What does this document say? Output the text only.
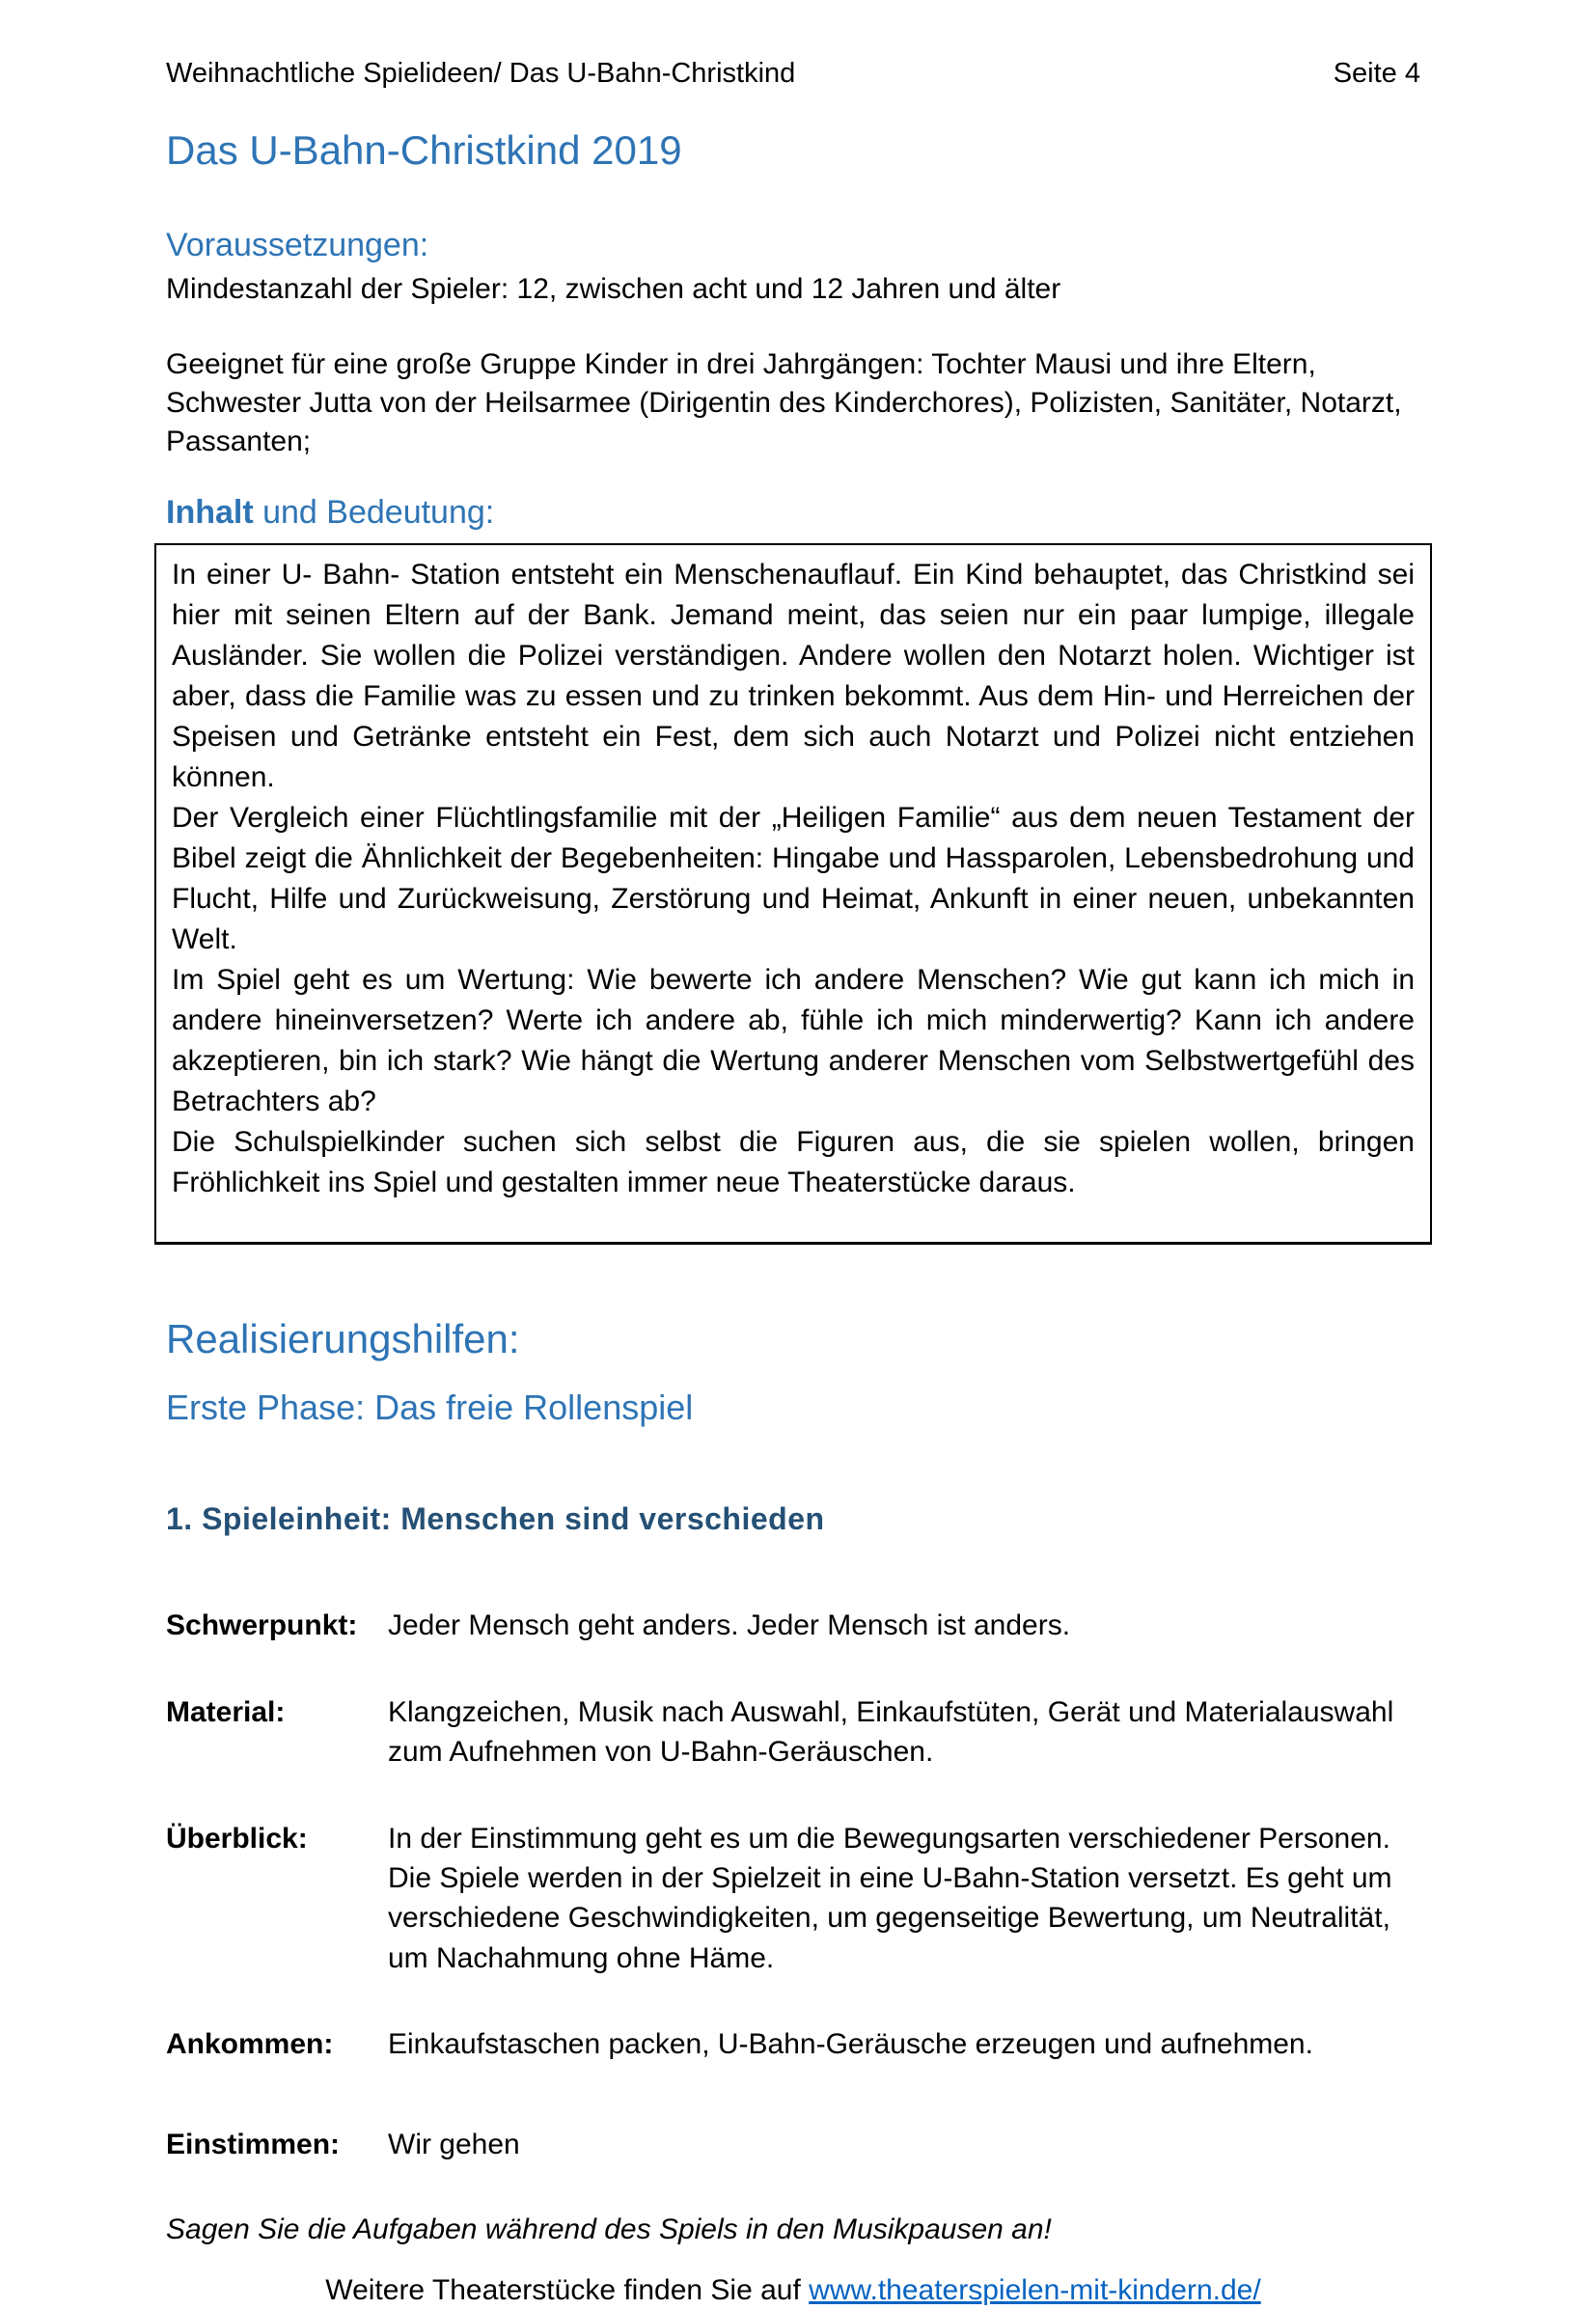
Weihnachtliche Spielideen/ Das U-Bahn-Christkind	Seite 4
Das U-Bahn-Christkind 2019
Voraussetzungen:

Mindestanzahl der Spieler: 12, zwischen acht und 12 Jahren und älter

Geeignet für eine große Gruppe Kinder in drei Jahrgängen: Tochter Mausi und ihre Eltern, Schwester Jutta von der Heilsarmee (Dirigentin des Kinderchores), Polizisten, Sanitäter, Notarzt, Passanten;

Inhalt und Bedeutung:

In einer U- Bahn- Station entsteht ein Menschenauflauf. Ein Kind behauptet, das Christkind sei hier mit seinen Eltern auf der Bank. Jemand meint, das seien nur ein paar lumpige, illegale Ausländer. Sie wollen die Polizei verständigen. Andere wollen den Notarzt holen. Wichtiger ist aber, dass die Familie was zu essen und zu trinken bekommt. Aus dem Hin- und Herreichen der Speisen und Getränke entsteht ein Fest, dem sich auch Notarzt und Polizei nicht entziehen können.

Der Vergleich einer Flüchtlingsfamilie mit der „Heiligen Familie“ aus dem neuen Testament der Bibel zeigt die Ähnlichkeit der Begebenheiten: Hingabe und Hassparolen, Lebensbedrohung und Flucht, Hilfe und Zurückweisung, Zerstörung und Heimat, Ankunft in einer neuen, unbekannten Welt.

Im Spiel geht es um Wertung: Wie bewerte ich andere Menschen? Wie gut kann ich mich in andere hineinversetzen? Werte ich andere ab, fühle ich mich minderwertig? Kann ich andere akzeptieren, bin ich stark? Wie hängt die Wertung anderer Menschen vom Selbstwertgefühl des Betrachters ab?

Die Schulspielkinder suchen sich selbst die Figuren aus, die sie spielen wollen, bringen Fröhlichkeit ins Spiel und gestalten immer neue Theaterstücke daraus.

Realisierungshilfen:
Erste Phase: Das freie Rollenspiel
1. Spieleinheit: Menschen sind verschieden
Schwerpunkt:	Jeder Mensch geht anders. Jeder Mensch ist anders.
Material:	Klangzeichen, Musik nach Auswahl, Einkaufstüten, Gerät und Materialauswahl zum Aufnehmen von U-Bahn-Geräuschen.
Überblick:	In der Einstimmung geht es um die Bewegungsarten verschiedener Personen. Die Spiele werden in der Spielzeit in eine U-Bahn-Station versetzt. Es geht um verschiedene Geschwindigkeiten, um gegenseitige Bewertung, um Neutralität, um Nachahmung ohne Häme.
Ankommen:	Einkaufstaschen packen, U-Bahn-Geräusche erzeugen und aufnehmen.
Einstimmen:	Wir gehen

Sagen Sie die Aufgaben während des Spiels in den Musikpausen an!

Weitere Theaterstücke finden Sie auf www.theaterspielen-mit-kindern.de/
